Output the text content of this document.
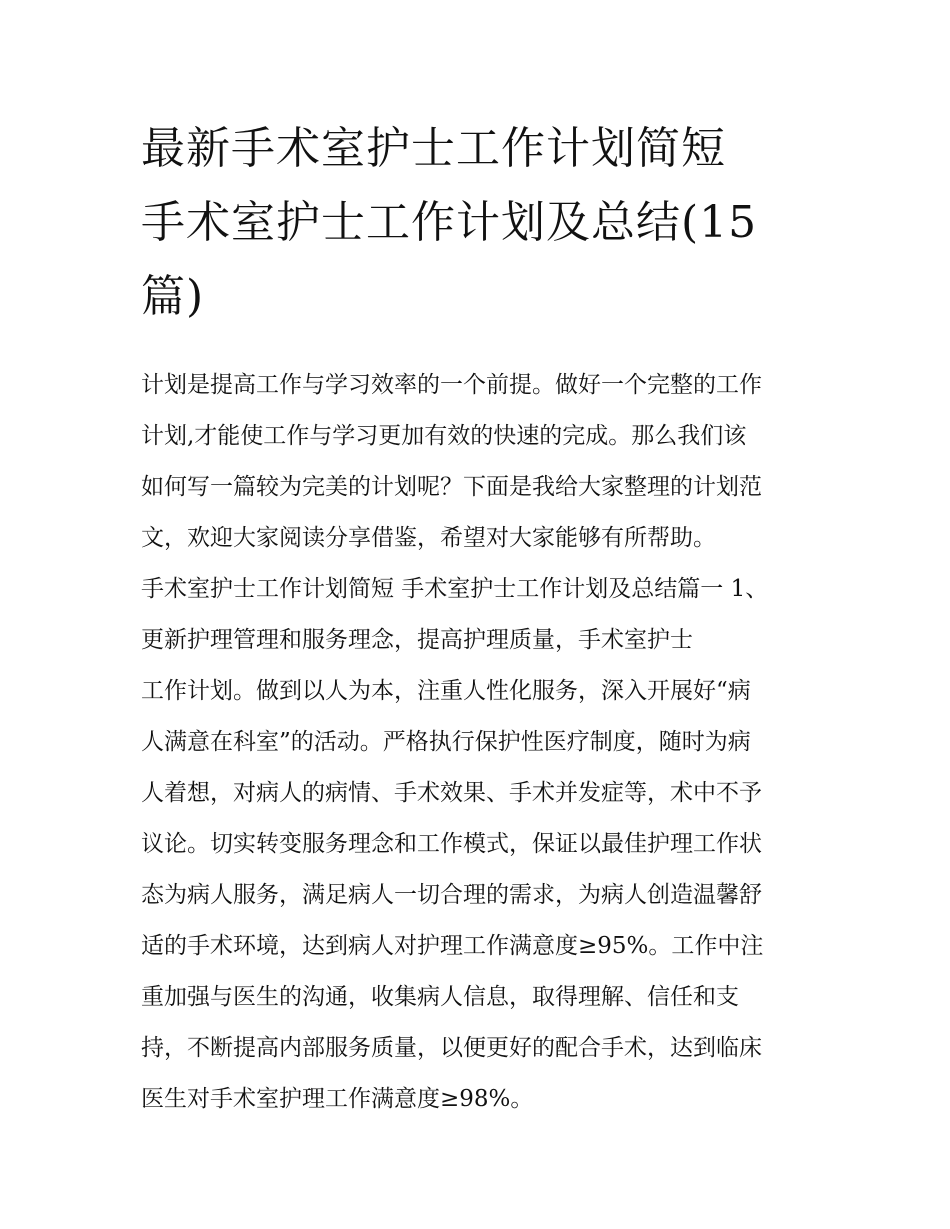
最新手术室护士工作计划简短
手术室护士工作计划及总结(15
篇)
计划是提高工作与学习效率的一个前提。做好一个完整的工作
计划,才能使工作与学习更加有效的快速的完成。那么我们该
如何写一篇较为完美的计划呢？下面是我给大家整理的计划范
文，欢迎大家阅读分享借鉴，希望对大家能够有所帮助。
手术室护士工作计划简短 手术室护士工作计划及总结篇一 1、
更新护理管理和服务理念，提高护理质量，手术室护士
工作计划。做到以人为本，注重人性化服务，深入开展好“病
人满意在科室”的活动。严格执行保护性医疗制度，随时为病
人着想，对病人的病情、手术效果、手术并发症等，术中不予
议论。切实转变服务理念和工作模式，保证以最佳护理工作状
态为病人服务，满足病人一切合理的需求，为病人创造温馨舒
适的手术环境，达到病人对护理工作满意度≥95%。工作中注
重加强与医生的沟通，收集病人信息，取得理解、信任和支
持，不断提高内部服务质量，以便更好的配合手术，达到临床
医生对手术室护理工作满意度≥98%。
